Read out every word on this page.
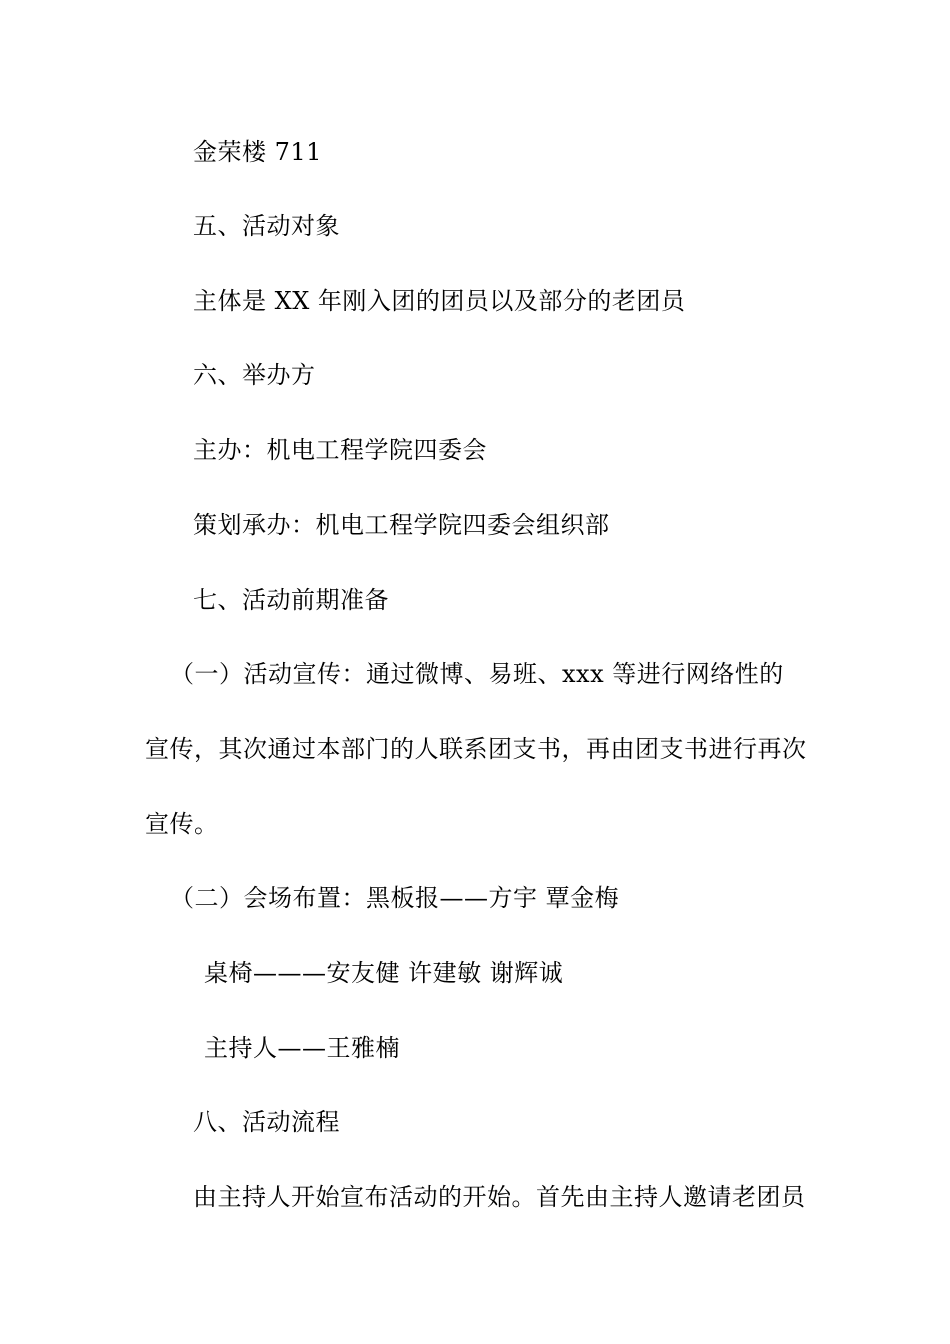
金荣楼 711
五、活动对象
主体是 XX 年刚入团的团员以及部分的老团员
六、举办方
主办：机电工程学院四委会
策划承办：机电工程学院四委会组织部
七、活动前期准备
（一）活动宣传：通过微博、易班、xxx 等进行网络性的
宣传，其次通过本部门的人联系团支书，再由团支书进行再次
宣传。
（二）会场布置：黑板报——方宇 覃金梅
桌椅———安友健 许建敏 谢辉诚
主持人——王雅楠
八、活动流程
由主持人开始宣布活动的开始。首先由主持人邀请老团员
